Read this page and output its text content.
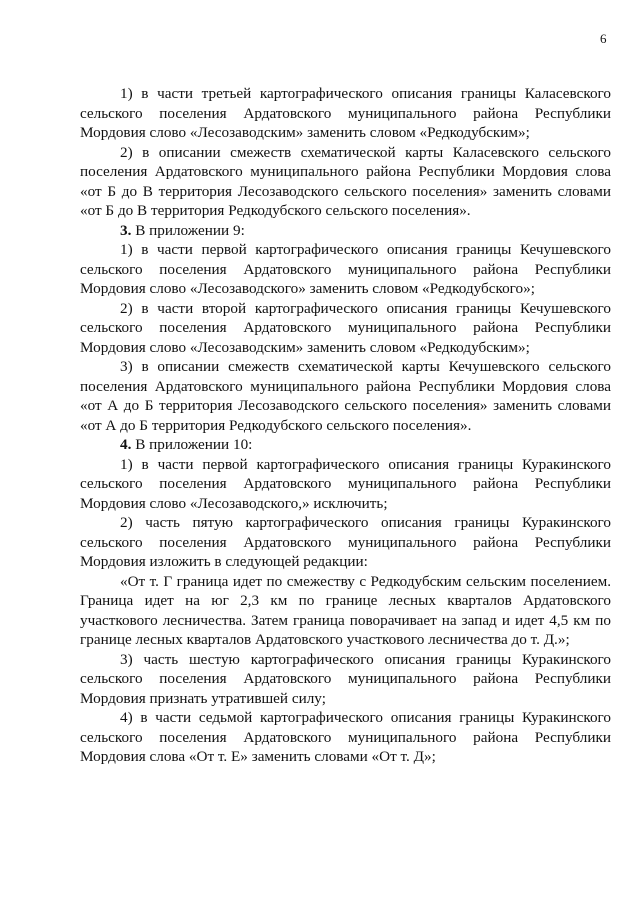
6

1) в части третьей картографического описания границы Каласевского сельского поселения Ардатовского муниципального района Республики Мордовия слово «Лесозаводским» заменить словом «Редкодубским»;

2) в описании смежеств схематической карты Каласевского сельского поселения Ардатовского муниципального района Республики Мордовия слова «от Б до В территория Лесозаводского сельского поселения» заменить словами «от Б до В территория Редкодубского сельского поселения».

3. В приложении 9:

1) в части первой картографического описания границы Кечушевского сельского поселения Ардатовского муниципального района Республики Мордовия слово «Лесозаводского» заменить словом «Редкодубского»;

2) в части второй картографического описания границы Кечушевского сельского поселения Ардатовского муниципального района Республики Мордовия слово «Лесозаводским» заменить словом «Редкодубским»;

3) в описании смежеств схематической карты Кечушевского сельского поселения Ардатовского муниципального района Республики Мордовия слова «от А до Б территория Лесозаводского сельского поселения» заменить словами «от А до Б территория Редкодубского сельского поселения».

4. В приложении 10:

1) в части первой картографического описания границы Куракинского сельского поселения Ардатовского муниципального района Республики Мордовия слово «Лесозаводского,» исключить;

2) часть пятую картографического описания границы Куракинского сельского поселения Ардатовского муниципального района Республики Мордовия изложить в следующей редакции:

«От т. Г граница идет по смежеству с Редкодубским сельским поселением. Граница идет на юг 2,3 км по границе лесных кварталов Ардатовского участкового лесничества. Затем граница поворачивает на запад и идет 4,5 км по границе лесных кварталов Ардатовского участкового лесничества до т. Д.»;

3) часть шестую картографического описания границы Куракинского сельского поселения Ардатовского муниципального района Республики Мордовия признать утратившей силу;

4) в части седьмой картографического описания границы Куракинского сельского поселения Ардатовского муниципального района Республики Мордовия слова «От т. Е» заменить словами «От т. Д»;
